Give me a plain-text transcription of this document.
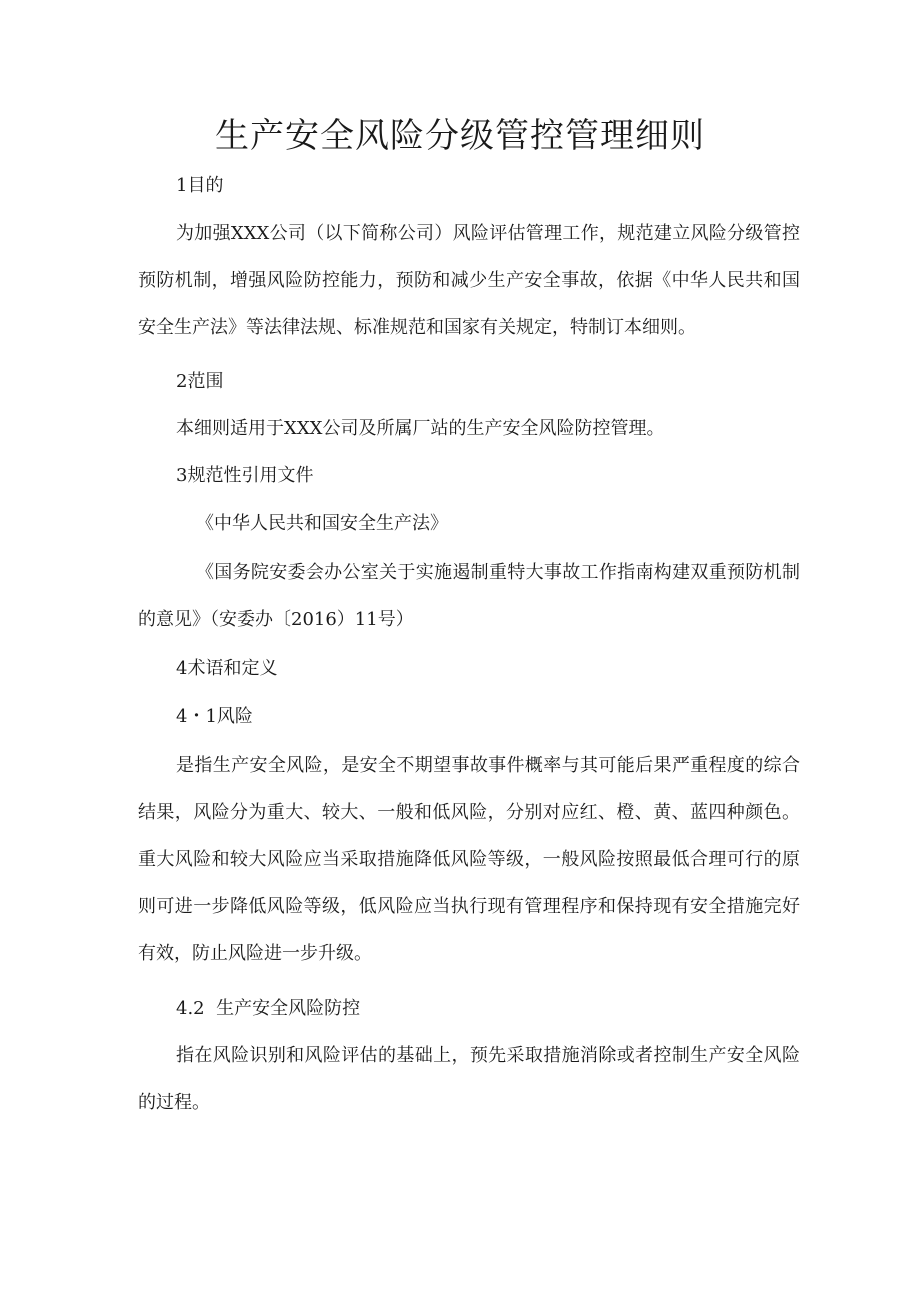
生产安全风险分级管控管理细则

1目的

为加强XXX公司（以下简称公司）风险评估管理工作，规范建立风险分级管控预防机制，增强风险防控能力，预防和减少生产安全事故，依据《中华人民共和国安全生产法》等法律法规、标准规范和国家有关规定，特制订本细则。

2范围

本细则适用于XXX公司及所属厂站的生产安全风险防控管理。

3规范性引用文件

《中华人民共和国安全生产法》

《国务院安委会办公室关于实施遏制重特大事故工作指南构建双重预防机制的意见》（安委办〔2016）11号）

4术语和定义

4・1风险

是指生产安全风险，是安全不期望事故事件概率与其可能后果严重程度的综合结果，风险分为重大、较大、一般和低风险，分别对应红、橙、黄、蓝四种颜色。重大风险和较大风险应当采取措施降低风险等级，一般风险按照最低合理可行的原则可进一步降低风险等级，低风险应当执行现有管理程序和保持现有安全措施完好有效，防止风险进一步升级。

4.2  生产安全风险防控

指在风险识别和风险评估的基础上，预先采取措施消除或者控制生产安全风险的过程。
